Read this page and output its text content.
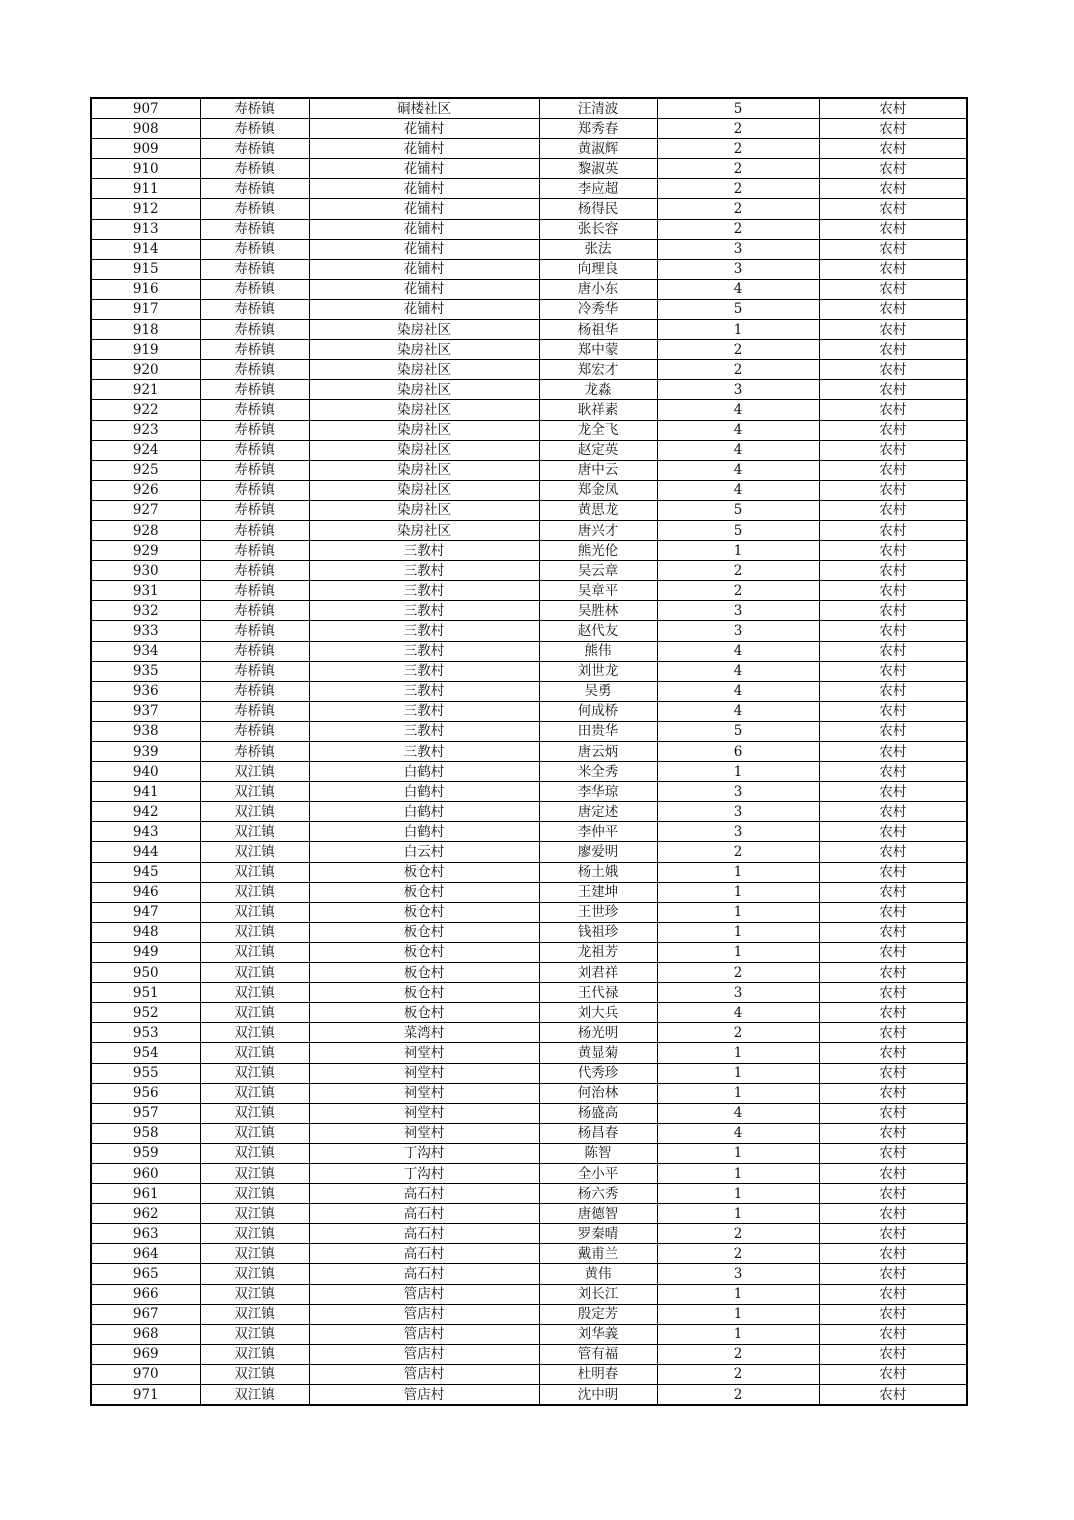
907	寿桥镇	硐楼社区	汪清波	5	农村
908	寿桥镇	花铺村	郑秀春	2	农村
909	寿桥镇	花铺村	黄淑辉	2	农村
910	寿桥镇	花铺村	黎淑英	2	农村
911	寿桥镇	花铺村	李应超	2	农村
912	寿桥镇	花铺村	杨得民	2	农村
913	寿桥镇	花铺村	张长容	2	农村
914	寿桥镇	花铺村	张法	3	农村
915	寿桥镇	花铺村	向理良	3	农村
916	寿桥镇	花铺村	唐小东	4	农村
917	寿桥镇	花铺村	冷秀华	5	农村
918	寿桥镇	染房社区	杨祖华	1	农村
919	寿桥镇	染房社区	郑中蒙	2	农村
920	寿桥镇	染房社区	郑宏才	2	农村
921	寿桥镇	染房社区	龙淼	3	农村
922	寿桥镇	染房社区	耿祥素	4	农村
923	寿桥镇	染房社区	龙全飞	4	农村
924	寿桥镇	染房社区	赵定英	4	农村
925	寿桥镇	染房社区	唐中云	4	农村
926	寿桥镇	染房社区	郑金凤	4	农村
927	寿桥镇	染房社区	黄思龙	5	农村
928	寿桥镇	染房社区	唐兴才	5	农村
929	寿桥镇	三教村	熊光伦	1	农村
930	寿桥镇	三教村	吴云章	2	农村
931	寿桥镇	三教村	吴章平	2	农村
932	寿桥镇	三教村	吴胜林	3	农村
933	寿桥镇	三教村	赵代友	3	农村
934	寿桥镇	三教村	熊伟	4	农村
935	寿桥镇	三教村	刘世龙	4	农村
936	寿桥镇	三教村	吴勇	4	农村
937	寿桥镇	三教村	何成桥	4	农村
938	寿桥镇	三教村	田贵华	5	农村
939	寿桥镇	三教村	唐云炳	6	农村
940	双江镇	白鹤村	米全秀	1	农村
941	双江镇	白鹤村	李华琼	3	农村
942	双江镇	白鹤村	唐定述	3	农村
943	双江镇	白鹤村	李仲平	3	农村
944	双江镇	白云村	廖爱明	2	农村
945	双江镇	板仓村	杨土娥	1	农村
946	双江镇	板仓村	王建坤	1	农村
947	双江镇	板仓村	王世珍	1	农村
948	双江镇	板仓村	钱祖珍	1	农村
949	双江镇	板仓村	龙祖芳	1	农村
950	双江镇	板仓村	刘君祥	2	农村
951	双江镇	板仓村	王代禄	3	农村
952	双江镇	板仓村	刘大兵	4	农村
953	双江镇	菜湾村	杨光明	2	农村
954	双江镇	祠堂村	黄显菊	1	农村
955	双江镇	祠堂村	代秀珍	1	农村
956	双江镇	祠堂村	何治林	1	农村
957	双江镇	祠堂村	杨盛高	4	农村
958	双江镇	祠堂村	杨昌春	4	农村
959	双江镇	丁沟村	陈智	1	农村
960	双江镇	丁沟村	全小平	1	农村
961	双江镇	高石村	杨六秀	1	农村
962	双江镇	高石村	唐德智	1	农村
963	双江镇	高石村	罗秦晴	2	农村
964	双江镇	高石村	戴甫兰	2	农村
965	双江镇	高石村	黄伟	3	农村
966	双江镇	管店村	刘长江	1	农村
967	双江镇	管店村	殷定芳	1	农村
968	双江镇	管店村	刘华義	1	农村
969	双江镇	管店村	管有福	2	农村
970	双江镇	管店村	杜明春	2	农村
971	双江镇	管店村	沈中明	2	农村
